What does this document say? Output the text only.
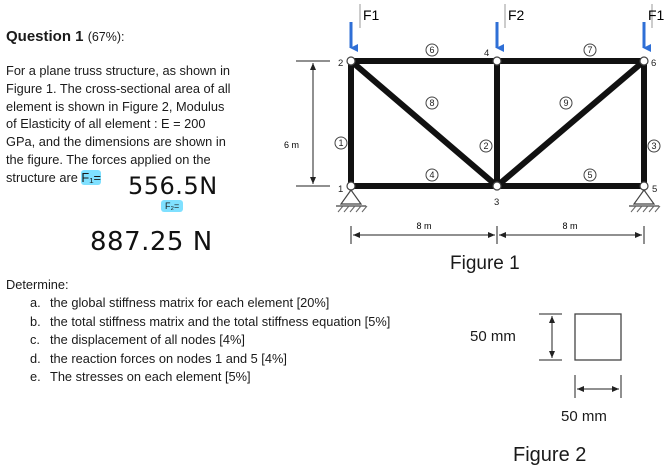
Question 1 (67%):
For a plane truss structure, as shown in
Figure 1. The cross-sectional area of all
element is shown in Figure 2, Modulus
of Elasticity of all element : E = 200
GPa, and the dimensions are shown in
the figure. The forces applied on the
structure are F₁=	556.5N
F₂=
887.25 N
Determine:
a. the global stiffness matrix for each element [20%]
b. the total stiffness matrix and the total stiffness equation [5%]
c. the displacement of all nodes [4%]
d. the reaction forces on nodes 1 and 5 [4%]
e. The stresses on each element [5%]
F1	F2	F1
2
4
6
1
3
5
1	2	3
4	5
6	7
8	9
6 m
8 m	8 m
Figure 1
50 mm
50 mm
Figure 2
